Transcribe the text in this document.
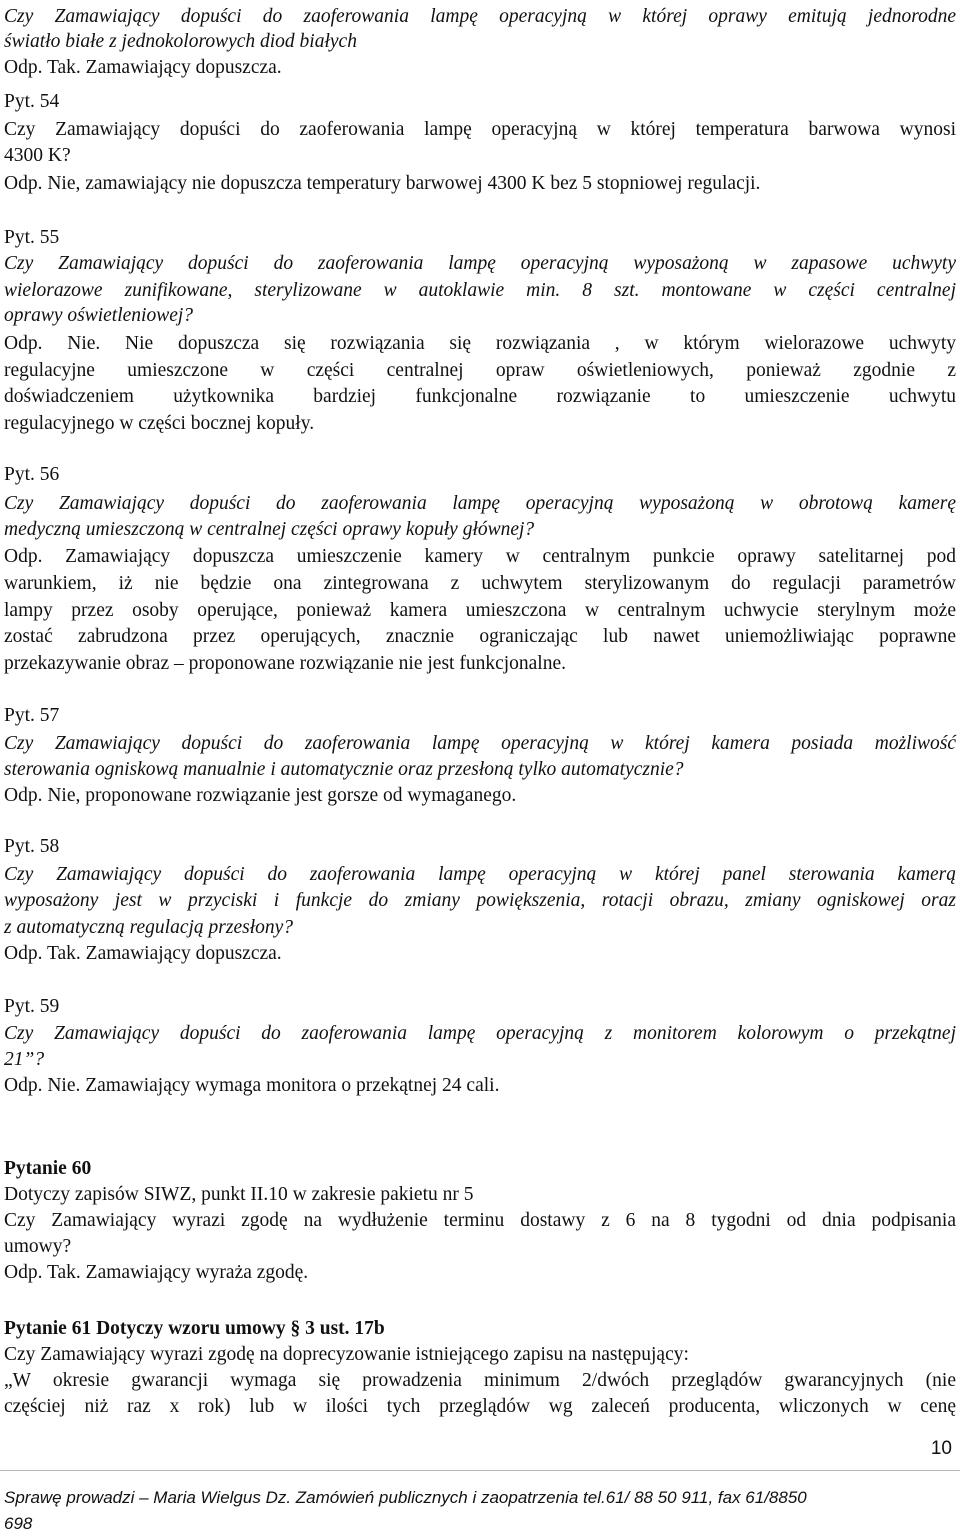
Czy Zamawiający dopuści do zaoferowania lampę operacyjną w której oprawy emitują jednorodne
światło białe z jednokolorowych diod białych
Odp. Tak. Zamawiający dopuszcza.
Pyt. 54
Czy Zamawiający dopuści do zaoferowania lampę operacyjną w której temperatura barwowa wynosi
4300 K?
Odp. Nie, zamawiający nie dopuszcza temperatury barwowej 4300 K bez 5 stopniowej regulacji.
Pyt. 55
Czy Zamawiający dopuści do zaoferowania lampę operacyjną wyposażoną w zapasowe uchwyty
wielorazowe zunifikowane, sterylizowane w autoklawie min. 8 szt. montowane w części centralnej
oprawy oświetleniowej?
Odp. Nie. Nie dopuszcza się rozwiązania się rozwiązania , w którym wielorazowe uchwyty
regulacyjne umieszczone w części centralnej opraw oświetleniowych, ponieważ zgodnie z
doświadczeniem użytkownika bardziej funkcjonalne rozwiązanie to umieszczenie uchwytu
regulacyjnego w części bocznej kopuły.
Pyt. 56
Czy Zamawiający dopuści do zaoferowania lampę operacyjną wyposażoną w obrotową kamerę
medyczną umieszczoną w centralnej części oprawy kopuły głównej?
Odp. Zamawiający dopuszcza umieszczenie kamery w centralnym punkcie oprawy satelitarnej pod
warunkiem, iż nie będzie ona zintegrowana z uchwytem sterylizowanym do regulacji parametrów
lampy przez osoby operujące, ponieważ kamera umieszczona w centralnym uchwycie sterylnym może
zostać zabrudzona przez operujących, znacznie ograniczając lub nawet uniemożliwiając poprawne
przekazywanie obraz – proponowane rozwiązanie nie jest funkcjonalne.
Pyt. 57
Czy Zamawiający dopuści do zaoferowania lampę operacyjną w której kamera posiada możliwość
sterowania ogniskową manualnie i automatycznie oraz przesłoną tylko automatycznie?
Odp. Nie, proponowane rozwiązanie jest gorsze od wymaganego.
Pyt. 58
Czy Zamawiający dopuści do zaoferowania lampę operacyjną w której panel sterowania kamerą
wyposażony jest w przyciski i funkcje do zmiany powiększenia, rotacji obrazu, zmiany ogniskowej oraz
z automatyczną regulacją przesłony?
Odp. Tak. Zamawiający dopuszcza.
Pyt. 59
Czy Zamawiający dopuści do zaoferowania lampę operacyjną z monitorem kolorowym o przekątnej
21”?
Odp. Nie. Zamawiający wymaga monitora o przekątnej 24 cali.
Pytanie 60
Dotyczy zapisów SIWZ, punkt II.10 w zakresie pakietu nr 5
Czy Zamawiający wyrazi zgodę na wydłużenie terminu dostawy z 6 na 8 tygodni od dnia podpisania
umowy?
Odp. Tak. Zamawiający wyraża zgodę.
Pytanie 61 Dotyczy wzoru umowy § 3 ust. 17b
Czy Zamawiający wyrazi zgodę na doprecyzowanie istniejącego zapisu na następujący:
„W okresie gwarancji wymaga się prowadzenia minimum 2/dwóch przeglądów gwarancyjnych (nie
częściej niż raz x rok) lub w ilości tych przeglądów wg zaleceń producenta, wliczonych w cenę
10
Sprawę prowadzi – Maria Wielgus Dz. Zamówień publicznych i zaopatrzenia tel.61/ 88 50 911, fax 61/8850
698
